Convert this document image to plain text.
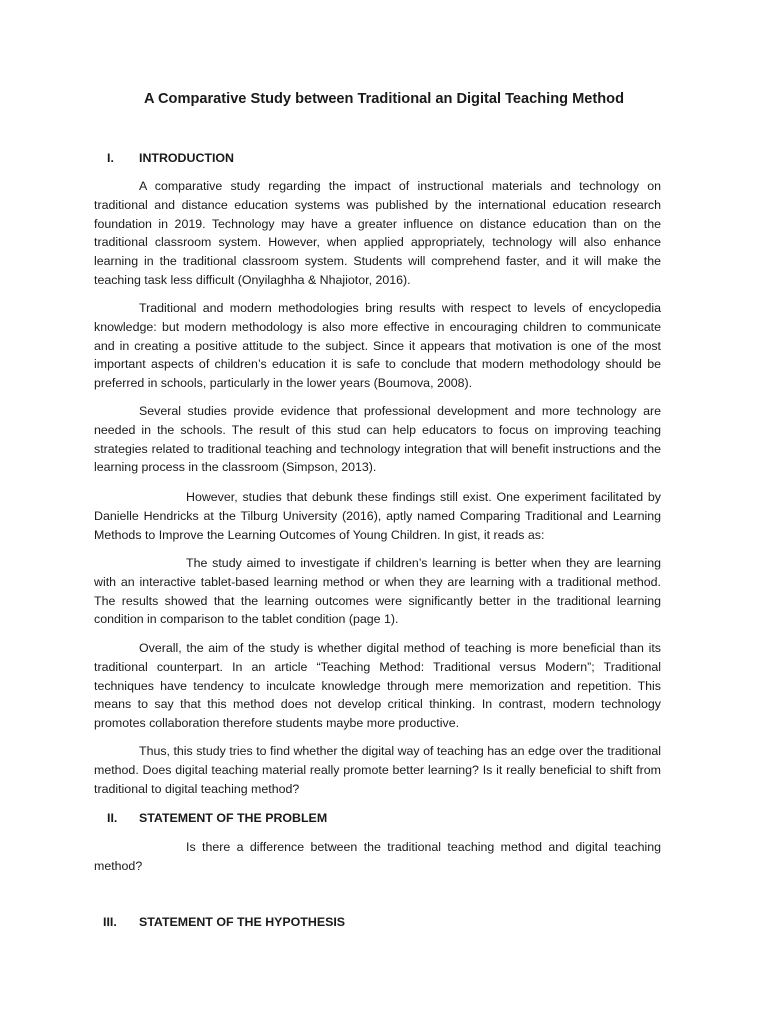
A Comparative Study between Traditional an Digital Teaching Method
I. INTRODUCTION

A comparative study regarding the impact of instructional materials and technology on traditional and distance education systems was published by the international education research foundation in 2019. Technology may have a greater influence on distance education than on the traditional classroom system. However, when applied appropriately, technology will also enhance learning in the traditional classroom system. Students will comprehend faster, and it will make the teaching task less difficult (Onyilaghha & Nhajiotor, 2016).

Traditional and modern methodologies bring results with respect to levels of encyclopedia knowledge: but modern methodology is also more effective in encouraging children to communicate and in creating a positive attitude to the subject. Since it appears that motivation is one of the most important aspects of children’s education it is safe to conclude that modern methodology should be preferred in schools, particularly in the lower years (Boumova, 2008).

Several studies provide evidence that professional development and more technology are needed in the schools. The result of this stud can help educators to focus on improving teaching strategies related to traditional teaching and technology integration that will benefit instructions and the learning process in the classroom (Simpson, 2013).

However, studies that debunk these findings still exist. One experiment facilitated by Danielle Hendricks at the Tilburg University (2016), aptly named Comparing Traditional and Learning Methods to Improve the Learning Outcomes of Young Children. In gist, it reads as:

The study aimed to investigate if children’s learning is better when they are learning with an interactive tablet-based learning method or when they are learning with a traditional method. The results showed that the learning outcomes were significantly better in the traditional learning condition in comparison to the tablet condition (page 1).

Overall, the aim of the study is whether digital method of teaching is more beneficial than its traditional counterpart. In an article “Teaching Method: Traditional versus Modern”; Traditional techniques have tendency to inculcate knowledge through mere memorization and repetition. This means to say that this method does not develop critical thinking. In contrast, modern technology promotes collaboration therefore students maybe more productive.

Thus, this study tries to find whether the digital way of teaching has an edge over the traditional method. Does digital teaching material really promote better learning? Is it really beneficial to shift from traditional to digital teaching method?

II. STATEMENT OF THE PROBLEM

Is there a difference between the traditional teaching method and digital teaching method?

III. STATEMENT OF THE HYPOTHESIS
